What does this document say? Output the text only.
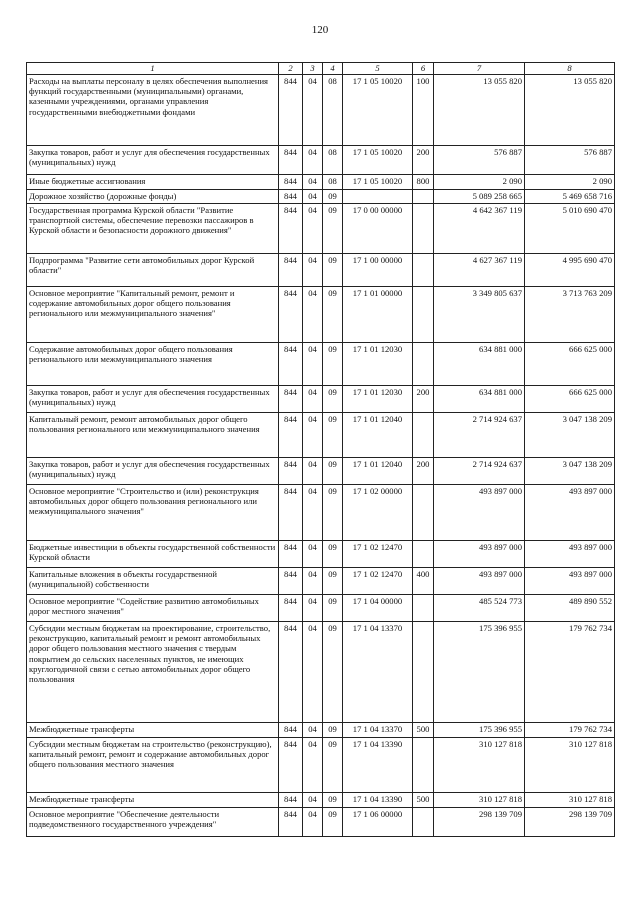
120
1	2	3	4	5	6	7	8
Расходы на выплаты персоналу в целях обеспечения выполнения функций государственными (муниципальными) органами, казенными учреждениями, органами управления государственными внебюджетными фондами	844	04	08	17 1 05 10020	100	13 055 820	13 055 820
Закупка товаров, работ и услуг для обеспечения государственных (муниципальных) нужд	844	04	08	17 1 05 10020	200	576 887	576 887
Иные бюджетные ассигнования	844	04	08	17 1 05 10020	800	2 090	2 090
Дорожное хозяйство (дорожные фонды)	844	04	09			5 089 258 665	5 469 658 716
Государственная программа Курской области "Развитие транспортной системы, обеспечение перевозки пассажиров в Курской области и безопасности дорожного движения"	844	04	09	17 0 00 00000		4 642 367 119	5 010 690 470
Подпрограмма "Развитие сети автомобильных дорог Курской области"	844	04	09	17 1 00 00000		4 627 367 119	4 995 690 470
Основное мероприятие "Капитальный ремонт, ремонт и содержание автомобильных дорог общего пользования регионального или межмуниципального значения"	844	04	09	17 1 01 00000		3 349 805 637	3 713 763 209
Содержание автомобильных дорог общего пользования регионального или межмуниципального значения	844	04	09	17 1 01 12030		634 881 000	666 625 000
Закупка товаров, работ и услуг для обеспечения государственных (муниципальных) нужд	844	04	09	17 1 01 12030	200	634 881 000	666 625 000
Капитальный ремонт, ремонт автомобильных дорог общего пользования регионального или межмуниципального значения	844	04	09	17 1 01 12040		2 714 924 637	3 047 138 209
Закупка товаров, работ и услуг для обеспечения государственных (муниципальных) нужд	844	04	09	17 1 01 12040	200	2 714 924 637	3 047 138 209
Основное мероприятие "Строительство и (или) реконструкция автомобильных дорог общего пользования регионального или межмуниципального значения"	844	04	09	17 1 02 00000		493 897 000	493 897 000
Бюджетные инвестиции в объекты государственной собственности Курской области	844	04	09	17 1 02 12470		493 897 000	493 897 000
Капитальные вложения в объекты государственной (муниципальной) собственности	844	04	09	17 1 02 12470	400	493 897 000	493 897 000
Основное мероприятие "Содействие развитию автомобильных дорог местного значения"	844	04	09	17 1 04 00000		485 524 773	489 890 552
Субсидии местным бюджетам на проектирование, строительство, реконструкцию, капитальный ремонт и ремонт автомобильных дорог общего пользования местного значения с твердым покрытием до сельских населенных пунктов, не имеющих круглогодичной связи с сетью автомобильных дорог общего пользования	844	04	09	17 1 04 13370		175 396 955	179 762 734
Межбюджетные трансферты	844	04	09	17 1 04 13370	500	175 396 955	179 762 734
Субсидии местным бюджетам на строительство (реконструкцию), капитальный ремонт, ремонт и содержание автомобильных дорог общего пользования местного значения	844	04	09	17 1 04 13390		310 127 818	310 127 818
Межбюджетные трансферты	844	04	09	17 1 04 13390	500	310 127 818	310 127 818
Основное мероприятие "Обеспечение деятельности подведомственного государственного учреждения"	844	04	09	17 1 06 00000		298 139 709	298 139 709
